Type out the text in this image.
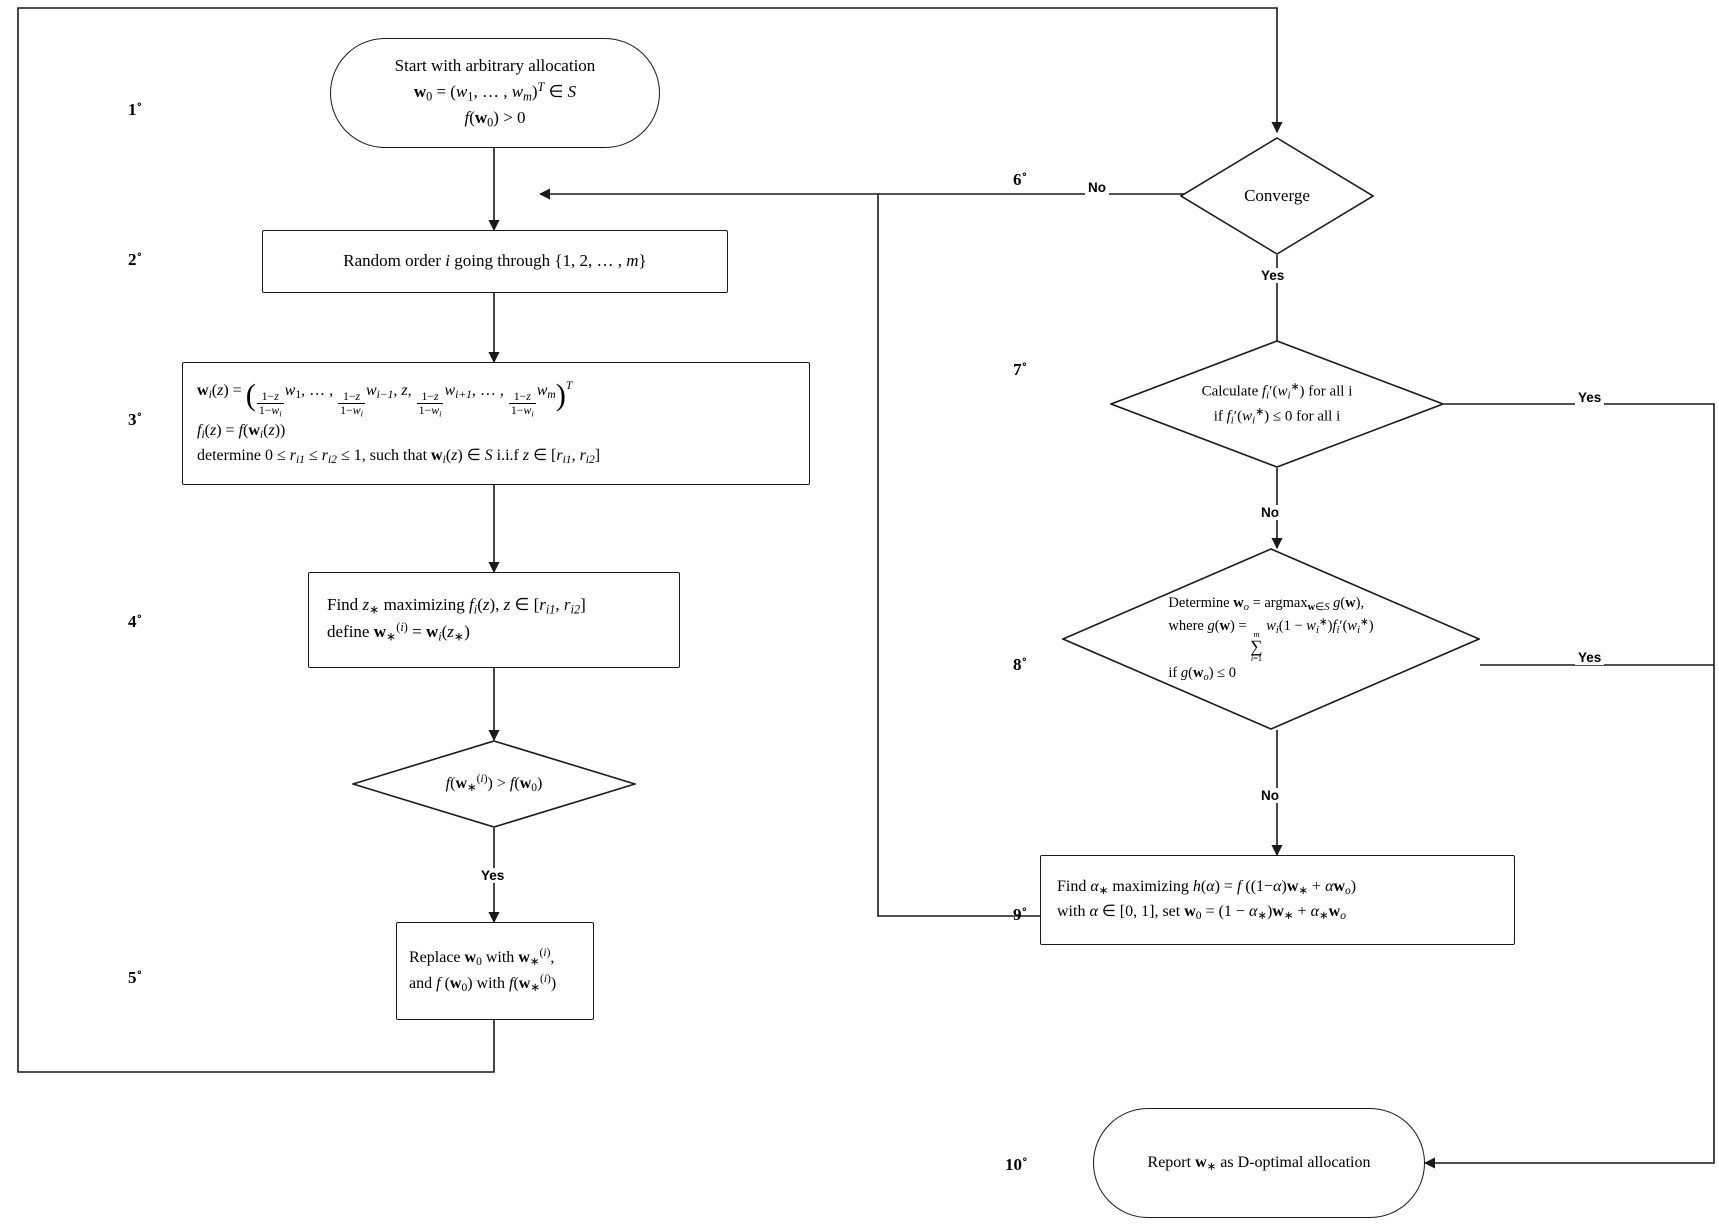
1˚
2˚
3˚
4˚
5˚
6˚
7˚
8˚
9˚
10˚
No
Yes
Yes
No
Yes
No
Yes
Start with arbitrary allocation
$w_0 = (w_1$, … , $w_m)^T$ ∈ S
$f(w_0) > 0$
Random order i going through {1, 2, … , m}
$w_i(z)$ = ( $\frac{1-z}{1-w_i} w_1$, … , $\frac{1-z}{1-w_i} w_{i-1}$, z, $\frac{1-z}{1-w_i} w_{i+1}$, … , $\frac{1-z}{1-w_i} w_m)^T$
$f_i(z) = f(w_i(z))$
determine $0 \le r_{i1} \le r_{i2} \le 1$, such that $w_i(z)$ ∈ S i.i.f z ∈ [$r_{i1}$, $r_{i2}$]
Find $z_∗$ maximizing $f_i(z)$, z ∈ [$r_{i1}$, $r_{i2}$]
define $w_∗^{(i)} = w_i(z_∗)$
$f(w_∗^{(i)}) > f(w_0)$
Replace $w_0$ with $w_∗^{(i)}$,
and f $(w_0)$ with $f(w_∗^{(i)})$
Converge
Calculate $f_i'(w_i^∗)$ for all i
if $f_i'(w_i^∗) \le 0$ for all i
Determine $w_o = argmax_{w\in S}$ g(w),
where g(w) = m
∑
i=1
$w_i(1 - w_i^∗)f_i'(w_i^∗)$
if $g(w_o) \le 0$
Find $\alpha_∗$ maximizing h(α) = f $((1-\alpha)w_∗ + \alpha w_o)$
with α ∈ [0, 1], set $w_0 = (1 - \alpha_∗)w_∗ + \alpha_∗w_o$
Report $w_∗$ as D-optimal allocation
